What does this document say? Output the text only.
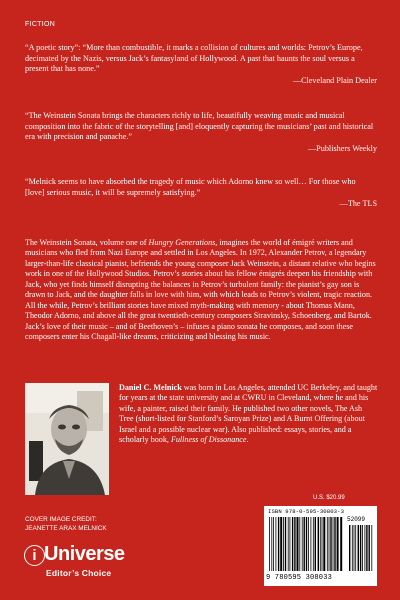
FICTION

“A poetic story”: “More than combustible, it marks a collision of cultures and worlds: Petrov’s Europe, decimated by the Nazis, versus Jack’s fantasyland of Hollywood. A past that haunts the soul versus a present that has none.”

—Cleveland Plain Dealer

“The Weinstein Sonata brings the characters richly to life, beautifully weaving music and musical composition into the fabric of the storytelling [and] eloquently capturing the musicians’ past and historical era with precision and panache.”

—Publishers Weekly

“Melnick seems to have absorbed the tragedy of music which Adorno knew so well… For those who [love] serious music, it will be supremely satisfying.”

—The TLS

The Weinstein Sonata, volume one of Hungry Generations, imagines the world of émigré writers and musicians who fled from Nazi Europe and settled in Los Angeles. In 1972, Alexander Petrov, a legendary larger-than-life classical pianist, befriends the young composer Jack Weinstein, a distant relative who begins work in one of the Hollywood Studios. Petrov’s stories about his fellow émigrés deepen his friendship with Jack, who yet finds himself disrupting the balances in Petrov’s turbulent family: the pianist’s gay son is drawn to Jack, and the daughter falls in love with him, with which leads to Petrov’s violent, tragic reaction. All the while, Petrov’s brilliant stories have mixed myth-making with memory - about Thomas Mann, Theodor Adorno, and above all the great twentieth-century composers Stravinsky, Schoenberg, and Bartok. Jack’s love of their music – and of Beethoven’s – infuses a piano sonata he composes, and soon these composers enter his Chagall-like dreams, criticizing and blessing his music.

Daniel C. Melnick was born in Los Angeles, attended UC Berkeley, and taught for years at the state university and at CWRU in Cleveland, where he and his wife, a painter, raised their family. He published two other novels, The Ash Tree (short-listed for Stanford’s Saroyan Prize) and A Burnt Offering (about Israel and a possible nuclear war). Also published: essays, stories, and a scholarly book, Fullness of Dissonance.

U.S. $20.99
COVER IMAGE CREDIT:
JEANETTE ARAX MELNICK
i Universe
Editor’s Choice
ISBN 978-0-595-30803-3
52099
9 780595 308033
